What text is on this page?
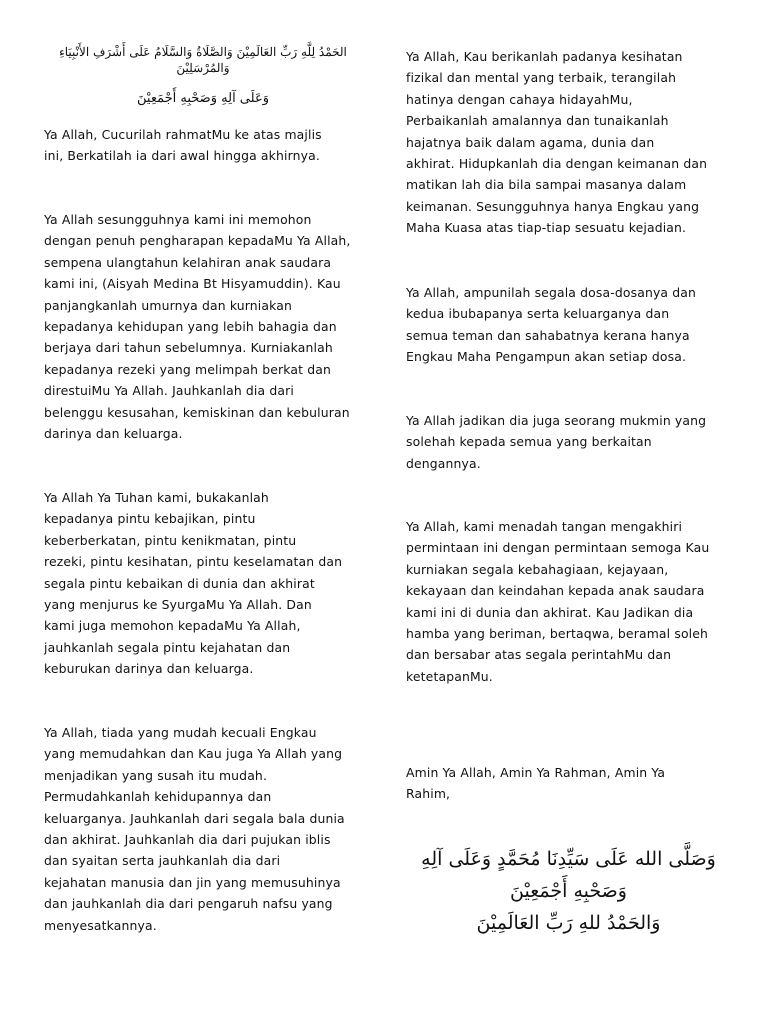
الحَمْدُ لِلَّهِ رَبِّ العَالَمِيْنَ وَالصَّلَاةُ وَالسَّلَامُ عَلَى أَشْرَفِ الأَنْبِيَاءِ
وَالمُرْسَلِيْنَ

وَعَلَى آلِهِ وَصَحْبِهِ أَجْمَعِيْنَ

Ya Allah, Cucurilah rahmatMu ke atas majlis
ini, Berkatilah ia dari awal hingga akhirnya.

Ya Allah sesungguhnya kami ini memohon
dengan penuh pengharapan kepadaMu Ya Allah,
sempena ulangtahun kelahiran anak saudara
kami ini, (Aisyah Medina Bt Hisyamuddin). Kau
panjangkanlah umurnya dan kurniakan
kepadanya kehidupan yang lebih bahagia dan
berjaya dari tahun sebelumnya. Kurniakanlah
kepadanya rezeki yang melimpah berkat dan
direstuiMu Ya Allah. Jauhkanlah dia dari
belenggu kesusahan, kemiskinan dan kebuluran
darinya dan keluarga.

Ya Allah Ya Tuhan kami, bukakanlah
kepadanya pintu kebajikan, pintu
keberberkatan, pintu kenikmatan, pintu
rezeki, pintu kesihatan, pintu keselamatan dan
segala pintu kebaikan di dunia dan akhirat
yang menjurus ke SyurgaMu Ya Allah. Dan
kami juga memohon kepadaMu Ya Allah,
jauhkanlah segala pintu kejahatan dan
keburukan darinya dan keluarga.

Ya Allah, tiada yang mudah kecuali Engkau
yang memudahkan dan Kau juga Ya Allah yang
menjadikan yang susah itu mudah.
Permudahkanlah kehidupannya dan
keluarganya. Jauhkanlah dari segala bala dunia
dan akhirat. Jauhkanlah dia dari pujukan iblis
dan syaitan serta jauhkanlah dia dari
kejahatan manusia dan jin yang memusuhinya
dan jauhkanlah dia dari pengaruh nafsu yang
menyesatkannya.

Ya Allah, Kau berikanlah padanya kesihatan
fizikal dan mental yang terbaik, terangilah
hatinya dengan cahaya hidayahMu,
Perbaikanlah amalannya dan tunaikanlah
hajatnya baik dalam agama, dunia dan
akhirat. Hidupkanlah dia dengan keimanan dan
matikan lah dia bila sampai masanya dalam
keimanan. Sesungguhnya hanya Engkau yang
Maha Kuasa atas tiap-tiap sesuatu kejadian.

Ya Allah, ampunilah segala dosa-dosanya dan
kedua ibubapanya serta keluarganya dan
semua teman dan sahabatnya kerana hanya
Engkau Maha Pengampun akan setiap dosa.

Ya Allah jadikan dia juga seorang mukmin yang
solehah kepada semua yang berkaitan
dengannya.

Ya Allah, kami menadah tangan mengakhiri
permintaan ini dengan permintaan semoga Kau
kurniakan segala kebahagiaan, kejayaan,
kekayaan dan keindahan kepada anak saudara
kami ini di dunia dan akhirat. Kau Jadikan dia
hamba yang beriman, bertaqwa, beramal soleh
dan bersabar atas segala perintahMu dan
ketetapanMu.

Amin Ya Allah, Amin Ya Rahman, Amin Ya
Rahim,

وَصَلَّى الله عَلَى سَيِّدِنَا مُحَمَّدٍ وَعَلَى آلِهِ
وَصَحْبِهِ أَجْمَعِيْنَ
وَالحَمْدُ للهِ رَبِّ العَالَمِيْنَ
